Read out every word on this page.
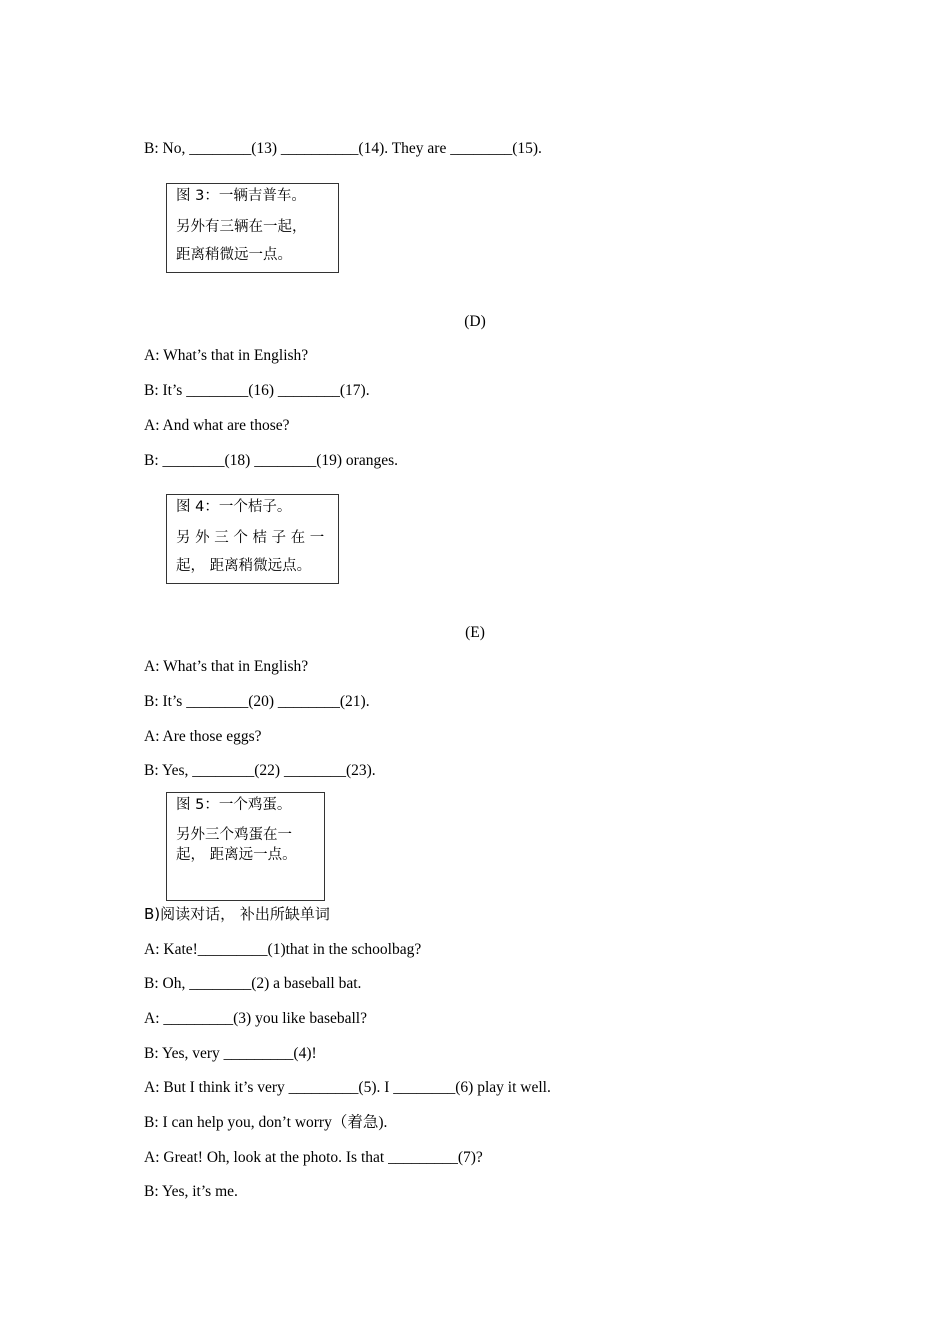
B: No, ________(13) __________(14). They are ________(15).
图 3：一辆吉普车。
另外有三辆在一起，
距离稍微远一点。
(D)
A: What’s that in English?
B: It’s ________(16) ________(17).
A: And what are those?
B: ________(18) ________(19) oranges.
图 4：一个桔子。
另 外 三 个 桔 子 在 一
起， 距离稍微远点。
(E)
A: What’s that in English?
B: It’s ________(20) ________(21).
A: Are those eggs?
B: Yes, ________(22) ________(23).
图 5：一个鸡蛋。
另外三个鸡蛋在一
起， 距离远一点。
B)阅读对话， 补出所缺单词
A: Kate!_________(1)that in the schoolbag?
B: Oh, ________(2) a baseball bat.
A: _________(3) you like baseball?
B: Yes, very _________(4)!
A: But I think it’s very _________(5). I ________(6) play it well.
B: I can help you, don’t worry（着急).
A: Great! Oh, look at the photo. Is that _________(7)?
B: Yes, it’s me.
